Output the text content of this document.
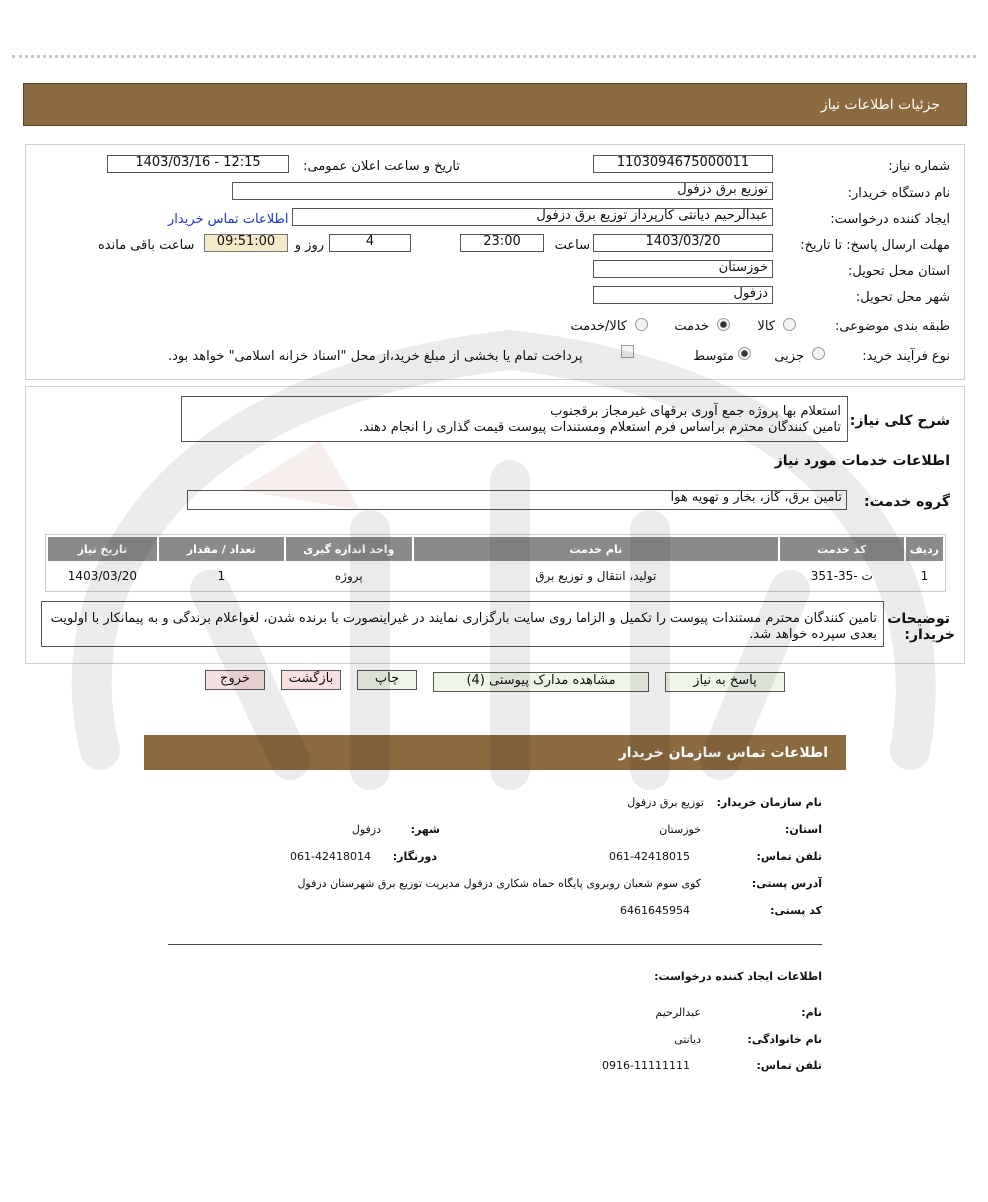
جزئیات اطلاعات نیاز
شماره نیاز:
1103094675000011
تاریخ و ساعت اعلان عمومی:
1403/03/16 - 12:15
نام دستگاه خریدار:
توزیع برق دزفول
ایجاد کننده درخواست:
عبدالرحیم دیانتی کارپرداز توزیع برق دزفول
اطلاعات تماس خریدار
مهلت ارسال پاسخ: تا تاریخ:
1403/03/20
ساعت
23:00
4
روز و
09:51:00
ساعت باقی مانده
استان محل تحویل:
خوزستان
شهر محل تحویل:
دزفول
طبقه بندی موضوعی:
کالا
خدمت
کالا/خدمت
نوع فرآیند خرید:
جزیی
متوسط
پرداخت تمام یا بخشی از مبلغ خرید،از محل "اسناد خزانه اسلامی" خواهد بود.
شرح کلی نیاز:
استعلام بها پروژه جمع آوری برقهای غیرمجاز برقجنوب
تامین کنندگان محترم براساس فرم استعلام ومستندات پیوست قیمت گذاری را انجام دهند.
اطلاعات خدمات مورد نیاز
گروه خدمت:
تامین برق، گاز، بخار و تهویه هوا
ردیف	کد خدمت	نام خدمت	واحد اندازه گیری	تعداد / مقدار	تاریخ نیاز
1	ت -35-351	تولید، انتقال و توزیع برق	پروژه	1	1403/03/20
توضیحات
خریدار:
تامین کنندگان محترم مستندات پیوست را تکمیل و الزاما روی سایت بارگزاری نمایند در غیراینصورت با برنده شدن، لغواعلام برندگی و به پیمانکار با اولویت بعدی سپرده خواهد شد.
پاسخ به نیاز
مشاهده مدارک پیوستی (4)
چاپ
بازگشت
خروج
اطلاعات تماس سازمان خریدار
نام سازمان خریدار:
توزیع برق دزفول
استان:
خوزستان
شهر:
دزفول
تلفن تماس:
061-42418015
دورنگار:
061-42418014
آدرس پستی:
کوی سوم شعبان روبروی پایگاه حماه شکاری دزفول مدیریت توزیع برق شهرستان دزفول
کد پستی:
6461645954
اطلاعات ایجاد کننده درخواست:
نام:
عبدالرحیم
نام خانوادگی:
دیانتی
تلفن تماس:
0916-11111111
